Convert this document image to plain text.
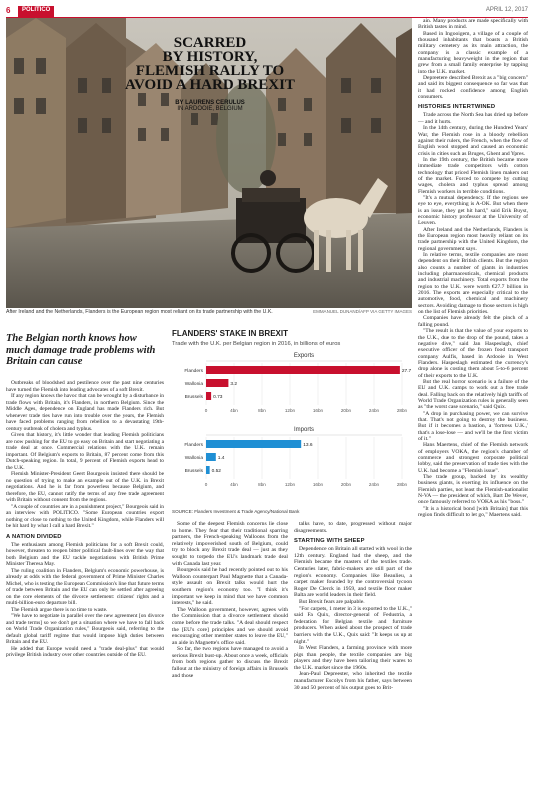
6	POLITICO	APRIL 12, 2017
After Ireland and the Netherlands, Flanders is the European region most reliant on its trade partnership with the U.K.	EMMANUEL DUNAND/AFP VIA GETTY IMAGES

ain. Many products are made specifically with British tastes in mind.

Based in Ingooigem, a village of a couple of thousand inhabitants that boasts a British military cemetery as its main attraction, the company is a classic example of a manufacturing heavyweight in the region that grew from a small family enterprise by tapping into the U.K. market.

Depreetere described Brexit as a "big concern" and said its biggest consequence so far was that it had rocked confidence among English consumers.

HISTORIES INTERTWINED

Trade across the North Sea has dried up before — and it hurts.

In the 14th century, during the Hundred Years' War, the Flemish rose in a bloody rebellion against their rulers, the French, when the flow of English wool stopped and caused an economic crisis in cities such as Bruges, Ghent and Ypres.

In the 19th century, the British became more immediate trade competitors with cotton technology that priced Flemish linen makers out of the market. Forced to compete by cutting wages, cholera and typhus spread among Flemish workers in terrible conditions.

"It's a mutual dependency. If the regions see eye to eye, everything is A-OK. But when there is an issue, they get hit hard," said Erik Buyst, economic history professor at the University of Leuven.

After Ireland and the Netherlands, Flanders is the European region most heavily reliant on its trade partnership with the United Kingdom, the regional government says.

In relative terms, textile companies are most dependent on their British clients. But the region also counts a number of giants in industries including pharmaceuticals, chemical products and industrial machinery. Total exports from the region to the U.K. were worth €27.7 billion in 2016. The exports are especially critical to the automotive, food, chemical and machinery sectors. Avoiding damage to those sectors is high on the list of Flemish priorities.

Companies have already felt the pinch of a falling pound.

"The result is that the value of your exports to the U.K., due to the drop of the pound, takes a negative dive," said Jan Haspeslagh, chief executive officer of the frozen food transport company Aulfis, based in Ardooie in West Flanders. Haspeslagh estimated the currency's drop alone is costing them about 5-to-6 percent of their exports to the U.K.

But the real horror scenario is a failure of the EU and U.K. camps to work out a free trade deal. Falling back on the relatively high tariffs of World Trade Organization rules is generally seen as "the worst case scenario," said Quix.

"A drop in purchasing power, we can survive that. That's not going to destroy the business. But if it becomes a bastion, a 'fortress U.K.,' that's a lose-lose — and we'll be the first victim of it."

Hans Maertens, chief of the Flemish network of employers VOKA, the region's chamber of commerce and strongest corporate political lobby, said the preservation of trade ties with the U.K. had become a "Flemish issue".

The trade group, backed by its wealthy business giants, is exerting its influence on the Flemish parties, not least the Flemish-nationalist N-VA — the president of which, Bart De Wever, once famously referred to VOKA as his "boss."

"It is a historical bond [with Britain] that this region finds difficult to let go," Maertens said.

SCARRED
BY HISTORY,
FLEMISH RALLY TO
AVOID A HARD BREXIT
BY LAURENS CERULUS
IN ARDOOIE, BELGIUM
The Belgian north knows how much damage trade problems with Britain can cause

Outbreaks of bloodshed and pestilence over the past nine centuries have turned the Flemish into leading advocates of a soft Brexit.

If any region knows the havoc that can be wrought by a disturbance in trade flows with Britain, it's Flanders, in northern Belgium. Since the Middle Ages, dependence on England has made Flanders rich. But whenever trade ties have run into trouble over the years, the Flemish have faced problems ranging from rebellion to a devastating 19th-century outbreak of cholera and typhus.

Given that history, it's little wonder that leading Flemish politicians are now pushing for the EU to go easy on Britain and start negotiating a trade deal at once. Commercial relations with the U.K. remain important. Of Belgium's exports to Britain, 87 percent come from this Dutch-speaking region. In total, 9 percent of Flemish exports head to the U.K.

Flemish Minister-President Geert Bourgeois insisted there should be no question of trying to make an example out of the U.K. in Brexit negotiations. And he is far from powerless because Belgium, and therefore, the EU, cannot ratify the terms of any free trade agreement with Britain without consent from the regions.

"A couple of countries are in a punishment project," Bourgeois said in an interview with POLITICO. "Some European countries export nothing or close to nothing to the United Kingdom, while Flanders will be hit hard by what I call a hard Brexit."

A NATION DIVIDED

The enthusiasm among Flemish politicians for a soft Brexit could, however, threaten to reopen bitter political fault-lines over the way that both Belgium and the EU tackle negotiations with British Prime Minister Theresa May.

The ruling coalition in Flanders, Belgium's economic powerhouse, is already at odds with the federal government of Prime Minister Charles Michel, who is testing the European Commission's line that future terms of trade between Britain and the EU can only be settled after agreeing on the core elements of the divorce settlement: citizens' rights and a multi-billion-euro departure bill.

The Flemish argue there is no time to waste.

"We have to negotiate in parallel over the new agreement [on divorce and trade terms] so we don't get a situation where we have to fall back on World Trade Organization rules," Bourgeois said, referring to the default global tariff regime that would impose high duties between Britain and the EU.

He added that Europe would need a "trade deal-plus" that would privilege British industry over other countries outside of the EU.

FLANDERS' STAKE IN BREXIT
Trade with the U.K. per Belgian region in 2016, in billions of euros
Exports
0	4bn	8bn	12bn	16bn	20bn	24bn	28bn
Flanders	27.7
Wallonia	3.2
Brussels 0.73
Imports
0	4bn	8bn	12bn	16bn	20bn	24bn	28bn
Flanders	13.6
Wallonia	1.4
Brussels 0.52
SOURCE: Flanders Investment & Trade Agency/National Bank

Some of the deepest Flemish concerns lie close to home. They fear that their traditional sparring partners, the French-speaking Walloons from the relatively impoverished south of Belgium, could try to block any Brexit trade deal — just as they sought to torpedo the EU's landmark trade deal with Canada last year.

Bourgeois said he had recently pointed out to his Walloon counterpart Paul Magnette that a Canada-style assault on Brexit talks would hurt the southern region's economy too. "I think it's important we keep in mind that we have common interests," he said.

The Walloon government, however, agrees with the Commission that a divorce settlement should come before the trade talks. "A deal should respect the [EU's core] principles and we should avoid encouraging other member states to leave the EU," an aide in Magnette's office said.

So far, the two regions have managed to avoid a serious Brexit bust-up. About once a week, officials from both regions gather to discuss the Brexit fallout at the ministry of foreign affairs in Brussels and those

talks have, to date, progressed without major disagreements.

STARTING WITH SHEEP

Dependence on Britain all started with wool in the 12th century. England had the sheep, and the Flemish became the masters of the textiles trade. Centuries later, fabric-makers are still part of the region's economy. Companies like Beaulieu, a carpet maker founded by the controversial tycoon Roger De Clerck in 1959, and textile floor maker Balta are world leaders in their field.

But Brexit fears are palpable.

"For carpets, 1 meter in 3 is exported to the U.K.," said Fa Quix, director-general of Fedustria, a federation for Belgian textile and furniture producers. When asked about the prospect of trade barriers with the U.K., Quix said: "It keeps us up at night."

In West Flanders, a farming province with more pigs than people, the textile companies are big players and they have been tailoring their wares to the U.K. market since the 1960s.

Jean-Paul Depreester, who inherited the textile manufacturer Escolys from his father, says between 30 and 50 percent of his output goes to Brit-
